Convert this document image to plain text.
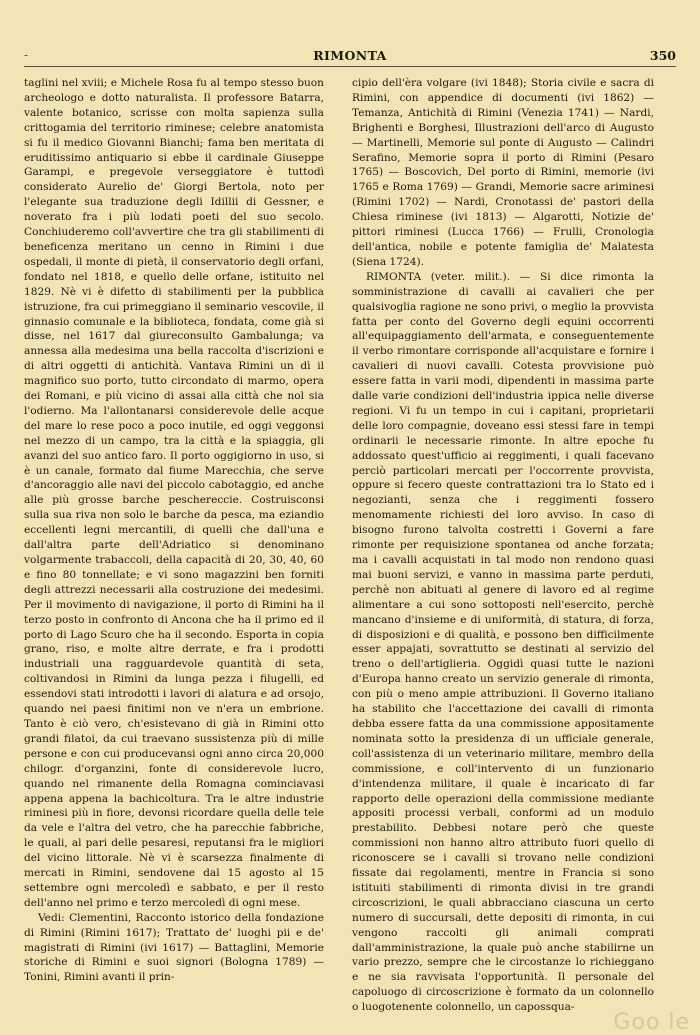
-	RIMONTA	350

taglini nel xviii; e Michele Rosa fu al tempo stesso buon archeologo e dotto naturalista. Il professore Batarra, valente botanico, scrisse con molta sapienza sulla crittogamia del territorio riminese; celebre anatomista si fu il medico Giovanni Bianchi; fama ben meritata di eruditissimo antiquario si ebbe il cardinale Giuseppe Garampi, e pregevole verseggiatore è tuttodì considerato Aurelio de' Giorgi Bertola, noto per l'elegante sua traduzione degli Idillii di Gessner, e noverato fra i più lodati poeti del suo secolo. Conchiuderemo coll'avvertire che tra gli stabilimenti di beneficenza meritano un cenno in Rimini i due ospedali, il monte di pietà, il conservatorio degli orfani, fondato nel 1818, e quello delle orfane, istituito nel 1829. Nè vi è difetto di stabilimenti per la pubblica istruzione, fra cui primeggiano il seminario vescovile, il ginnasio comunale e la biblioteca, fondata, come già si disse, nel 1617 dal giureconsulto Gambalunga; va annessa alla medesima una bella raccolta d'iscrizioni e di altri oggetti di antichità. Vantava Rimini un dì il magnifico suo porto, tutto circondato di marmo, opera dei Romani, e più vicino di assai alla città che nol sia l'odierno. Ma l'allontanarsi considerevole delle acque del mare lo rese poco a poco inutile, ed oggi veggonsi nel mezzo di un campo, tra la città e la spiaggia, gli avanzi del suo antico faro. Il porto oggigiorno in uso, si è un canale, formato dal fiume Marecchia, che serve d'ancoraggio alle navi del piccolo cabotaggio, ed anche alle più grosse barche peschereccie. Costruisconsi sulla sua riva non solo le barche da pesca, ma eziandio eccellenti legni mercantili, di quelli che dall'una e dall'altra parte dell'Adriatico si denominano volgarmente trabaccoli, della capacità di 20, 30, 40, 60 e fino 80 tonnellate; e vi sono magazzini ben forniti degli attrezzi necessarii alla costruzione dei medesimi. Per il movimento di navigazione, il porto di Rimini ha il terzo posto in confronto di Ancona che ha il primo ed il porto di Lago Scuro che ha il secondo. Esporta in copia grano, riso, e molte altre derrate, e fra i prodotti industriali una ragguardevole quantità di seta, coltivandosi in Rimini da lunga pezza i filugelli, ed essendovi stati introdotti i lavori di alatura e ad orsojo, quando nei paesi finitimi non ve n'era un embrione. Tanto è ciò vero, ch'esistevano di già in Rimini otto grandi filatoi, da cui traevano sussistenza più di mille persone e con cui producevansi ogni anno circa 20,000 chilogr. d'organzini, fonte di considerevole lucro, quando nel rimanente della Romagna cominciavasi appena appena la bachicoltura. Tra le altre industrie riminesi più in fiore, devonsi ricordare quella delle tele da vele e l'altra del vetro, che ha parecchie fabbriche, le quali, al pari delle pesaresi, reputansi fra le migliori del vicino littorale. Nè vi è scarsezza finalmente di mercati in Rimini, sendovene dal 15 agosto al 15 settembre ogni mercoledì e sabbato, e per il resto dell'anno nel primo e terzo mercoledì di ogni mese.

Vedi: Clementini, Racconto istorico della fondazione di Rimini (Rimini 1617); Trattato de' luoghi pii e de' magistrati di Rimini (ivi 1617) — Battaglini, Memorie storiche di Rimini e suoi signori (Bologna 1789) — Tonini, Rimini avanti il prin-

cipio dell'èra volgare (ivi 1848); Storia civile e sacra di Rimini, con appendice di documenti (ivi 1862) — Temanza, Antichità di Rimini (Venezia 1741) — Nardi, Brighenti e Borghesi, Illustrazioni dell'arco di Augusto — Martinelli, Memorie sul ponte di Augusto — Calindri Serafino, Memorie sopra il porto di Rimini (Pesaro 1765) — Boscovich, Del porto di Rimini, memorie (ivi 1765 e Roma 1769) — Grandi, Memorie sacre ariminesi (Rimini 1702) — Nardi, Cronotassi de' pastori della Chiesa riminese (ivi 1813) — Algarotti, Notizie de' pittori riminesi (Lucca 1766) — Frulli, Cronologia dell'antica, nobile e potente famiglia de' Malatesta (Siena 1724).

RIMONTA (veter. milit.). — Si dice rimonta la somministrazione di cavalli ai cavalieri che per qualsivoglia ragione ne sono privi, o meglio la provvista fatta per conto del Governo degli equini occorrenti all'equipaggiamento dell'armata, e conseguentemente il verbo rimontare corrisponde all'acquistare e fornire i cavalieri di nuovi cavalli. Cotesta provvisione può essere fatta in varii modi, dipendenti in massima parte dalle varie condizioni dell'industria ippica nelle diverse regioni. Vi fu un tempo in cui i capitani, proprietarii delle loro compagnie, doveano essi stessi fare in tempi ordinarii le necessarie rimonte. In altre epoche fu addossato quest'ufficio ai reggimenti, i quali facevano perciò particolari mercati per l'occorrente provvista, oppure si fecero queste contrattazioni tra lo Stato ed i negozianti, senza che i reggimenti fossero menomamente richiesti del loro avviso. In caso di bisogno furono talvolta costretti i Governi a fare rimonte per requisizione spontanea od anche forzata; ma i cavalli acquistati in tal modo non rendono quasi mai buoni servizi, e vanno in massima parte perduti, perchè non abituati al genere di lavoro ed al regime alimentare a cui sono sottoposti nell'esercito, perchè mancano d'insieme e di uniformità, di statura, di forza, di disposizioni e di qualità, e possono ben difficilmente esser appajati, sovrattutto se destinati al servizio del treno o dell'artiglieria. Oggidì quasi tutte le nazioni d'Europa hanno creato un servizio generale di rimonta, con più o meno ampie attribuzioni. Il Governo italiano ha stabilito che l'accettazione dei cavalli di rimonta debba essere fatta da una commissione appositamente nominata sotto la presidenza di un ufficiale generale, coll'assistenza di un veterinario militare, membro della commissione, e coll'intervento di un funzionario d'intendenza militare, il quale è incaricato di far rapporto delle operazioni della commissione mediante appositi processi verbali, conformi ad un modulo prestabilito. Debbesi notare però che queste commissioni non hanno altro attributo fuori quello di riconoscere se i cavalli si trovano nelle condizioni fissate dai regolamenti, mentre in Francia si sono istituiti stabilimenti di rimonta divisi in tre grandi circoscrizioni, le quali abbracciano ciascuna un certo numero di succursali, dette depositi di rimonta, in cui vengono raccolti gli animali comprati dall'amministrazione, la quale può anche stabilirne un vario prezzo, sempre che le circostanze lo richieggano e ne sia ravvisata l'opportunità. Il personale del capoluogo di circoscrizione è formato da un colonnello o luogotenente colonnello, un capossqua-

Goo le
